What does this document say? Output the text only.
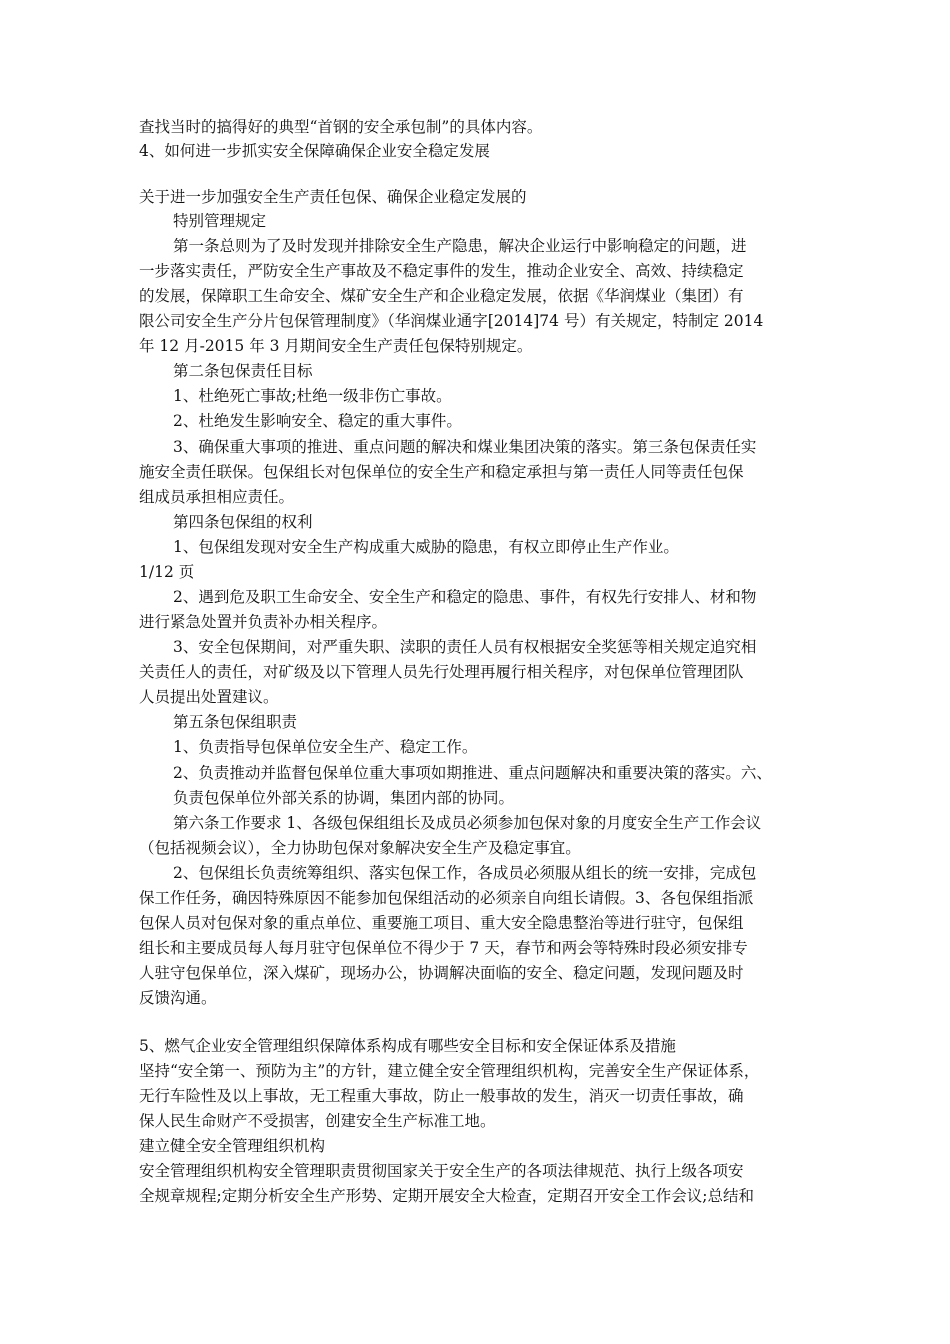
查找当时的搞得好的典型“首钢的安全承包制”的具体内容。

4、如何进一步抓实安全保障确保企业安全稳定发展

关于进一步加强安全生产责任包保、确保企业稳定发展的

特别管理规定

第一条总则为了及时发现并排除安全生产隐患，解决企业运行中影响稳定的问题，进

一步落实责任，严防安全生产事故及不稳定事件的发生，推动企业安全、高效、持续稳定

的发展，保障职工生命安全、煤矿安全生产和企业稳定发展，依据《华润煤业（集团）有

限公司安全生产分片包保管理制度》（华润煤业通字[2014]74 号）有关规定，特制定 2014

年 12 月-2015 年 3 月期间安全生产责任包保特别规定。

第二条包保责任目标

1、杜绝死亡事故;杜绝一级非伤亡事故。

2、杜绝发生影响安全、稳定的重大事件。

3、确保重大事项的推进、重点问题的解决和煤业集团决策的落实。第三条包保责任实

施安全责任联保。包保组长对包保单位的安全生产和稳定承担与第一责任人同等责任包保

组成员承担相应责任。

第四条包保组的权利

1、包保组发现对安全生产构成重大威胁的隐患，有权立即停止生产作业。

1/12 页

2、遇到危及职工生命安全、安全生产和稳定的隐患、事件，有权先行安排人、材和物

进行紧急处置并负责补办相关程序。

3、安全包保期间，对严重失职、渎职的责任人员有权根据安全奖惩等相关规定追究相

关责任人的责任，对矿级及以下管理人员先行处理再履行相关程序，对包保单位管理团队

人员提出处置建议。

第五条包保组职责

1、负责指导包保单位安全生产、稳定工作。

2、负责推动并监督包保单位重大事项如期推进、重点问题解决和重要决策的落实。六、

负责包保单位外部关系的协调，集团内部的协同。

第六条工作要求 1、各级包保组组长及成员必须参加包保对象的月度安全生产工作会议

（包括视频会议），全力协助包保对象解决安全生产及稳定事宜。

2、包保组长负责统筹组织、落实包保工作，各成员必须服从组长的统一安排，完成包

保工作任务，确因特殊原因不能参加包保组活动的必须亲自向组长请假。3、各包保组指派

包保人员对包保对象的重点单位、重要施工项目、重大安全隐患整治等进行驻守，包保组

组长和主要成员每人每月驻守包保单位不得少于 7 天，春节和两会等特殊时段必须安排专

人驻守包保单位，深入煤矿，现场办公，协调解决面临的安全、稳定问题，发现问题及时

反馈沟通。

5、燃气企业安全管理组织保障体系构成有哪些安全目标和安全保证体系及措施

坚持“安全第一、预防为主”的方针，建立健全安全管理组织机构，完善安全生产保证体系，

无行车险性及以上事故，无工程重大事故，防止一般事故的发生，消灭一切责任事故，确

保人民生命财产不受损害，创建安全生产标准工地。

建立健全安全管理组织机构

安全管理组织机构安全管理职责贯彻国家关于安全生产的各项法律规范、执行上级各项安

全规章规程;定期分析安全生产形势、定期开展安全大检查，定期召开安全工作会议;总结和
